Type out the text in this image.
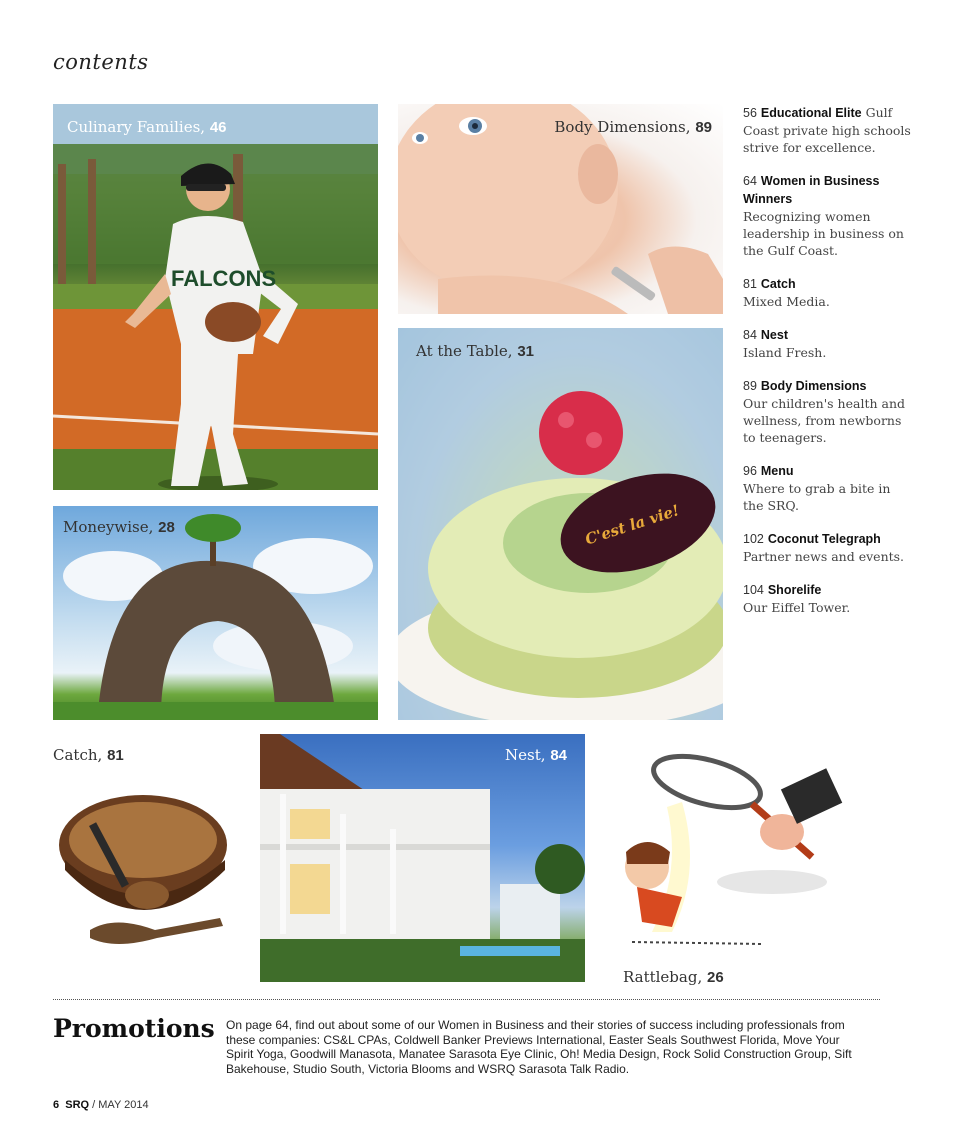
contents
FALCONS
Culinary Families, 46	Body Dimensions, 89
C'est la vie!
At the Table, 31
Moneywise, 28
Catch, 81	Nest, 84
Rattlebag, 26
56 Educational Elite Gulf Coast private high schools strive for excellence.
64 Women in Business Winners
Recognizing women leadership in business on the Gulf Coast.
81 Catch
Mixed Media.
84 Nest
Island Fresh.
89 Body Dimensions
Our children's health and wellness, from newborns to teenagers.
96 Menu
Where to grab a bite in the SRQ.
102 Coconut Telegraph
Partner news and events.
104 Shorelife
Our Eiffel Tower.
Promotions On page 64, find out about some of our Women in Business and their stories of success including professionals from these companies: CS&L CPAs, Coldwell Banker Previews International, Easter Seals Southwest Florida, Move Your Spirit Yoga, Goodwill Manasota, Manatee Sarasota Eye Clinic, Oh! Media Design, Rock Solid Construction Group, Sift Bakehouse, Studio South, Victoria Blooms and WSRQ Sarasota Talk Radio.
6 SRQ / MAY 2014
